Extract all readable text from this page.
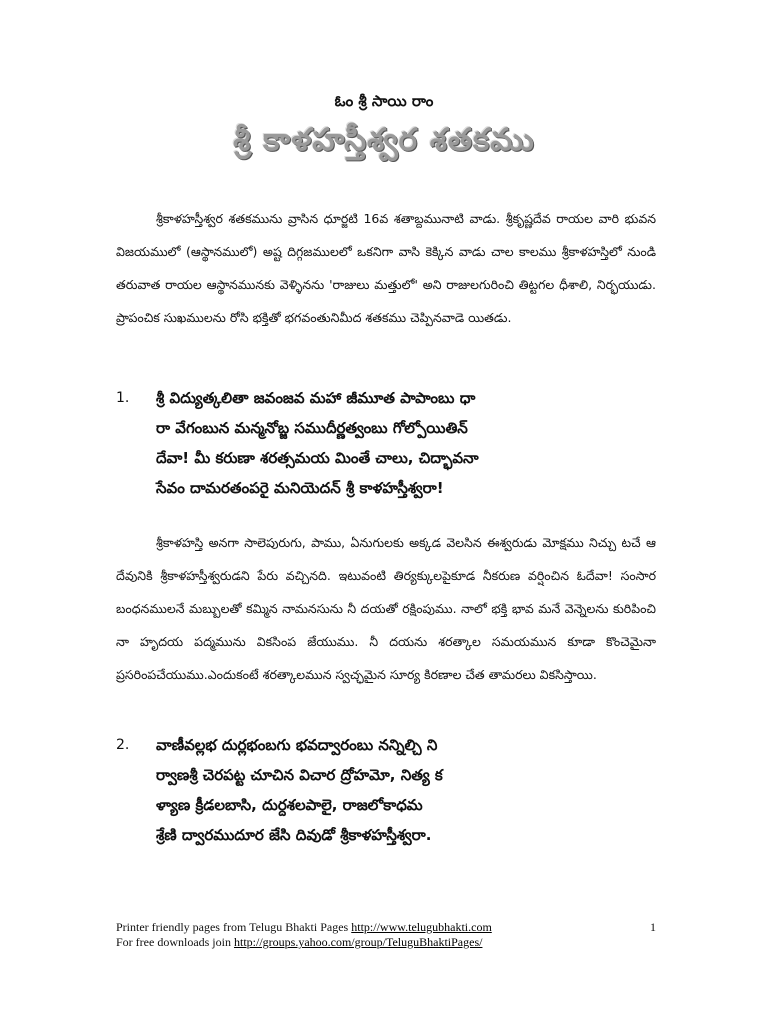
ఓం శ్రీ సాయి రాం
శ్రీ కాళహస్తీశ్వర శతకము
శ్రీకాళహస్తీశ్వర శతకమును వ్రాసిన ధూర్జటి 16వ శతాబ్దమునాటి వాడు. శ్రీకృష్ణదేవ రాయల వారి భువన విజయములో (ఆస్థానములో) అష్ట దిగ్గజములలో ఒకనిగా వాసి కెక్కిన వాడు చాల కాలము శ్రీకాళహస్తిలో నుండి తరువాత రాయల ఆస్థానమునకు వెళ్ళినను 'రాజులు మత్తులో' అని రాజులగురించి తిట్టగల ధీశాలి, నిర్భయుడు. ప్రాపంచిక సుఖములను రోసి భక్తితో భగవంతునిమీద శతకము చెప్పినవాడె యితడు.
1. శ్రీ విద్యుత్కలితా జవంజవ మహా జీమూత పాపాంబు ధా
రా వేగంబున మన్మనోబ్జ సముదీర్ణత్వంబు గోల్పోయితిన్
దేవా! మీ కరుణా శరత్సమయ మింతే చాలు, చిద్భావనా
సేవం దామరతంపరై మనియెదన్ శ్రీ కాళహస్తీశ్వరా!
శ్రీకాళహస్తి అనగా సాలెపురుగు, పాము, ఏనుగులకు అక్కడ వెలసిన ఈశ్వరుడు మోక్షము నిచ్చు టచే ఆ దేవునికి శ్రీకాళహస్తీశ్వరుడని పేరు వచ్చినది. ఇటువంటి తిర్యక్కులపైకూడ నీకరుణ వర్షించిన ఓదేవా! సంసార బంధనములనే మబ్బులతో కమ్మిన నామనసును నీ దయతో రక్షింపుము. నాలో భక్తి భావ మనే వెన్నెలను కురిపించి నా హృదయ పద్మమును వికసింప జేయుము. నీ దయను శరత్కాల సమయమున కూడా కొంచెమైనా ప్రసరింపచేయుము.ఎందుకంటే శరత్కాలమున స్వచ్ఛమైన సూర్య కిరణాల చేత తామరలు వికసిస్తాయి.
2. వాణీవల్లభ దుర్లభంబగు భవద్వారంబు నన్నిల్చి ని
ర్వాణశ్రీ చెరపట్ట చూచిన విచార ద్రోహమో, నిత్య క
ళ్యాణ క్రీడలబాసి, దుర్దశలపాలై, రాజలోకాధమ
శ్రేణి ద్వారముదూర జేసి దివుడో శ్రీకాళహస్తీశ్వరా.
Printer friendly pages from Telugu Bhakti Pages http://www.telugubhakti.com	1
For free downloads join http://groups.yahoo.com/group/TeluguBhaktiPages/
